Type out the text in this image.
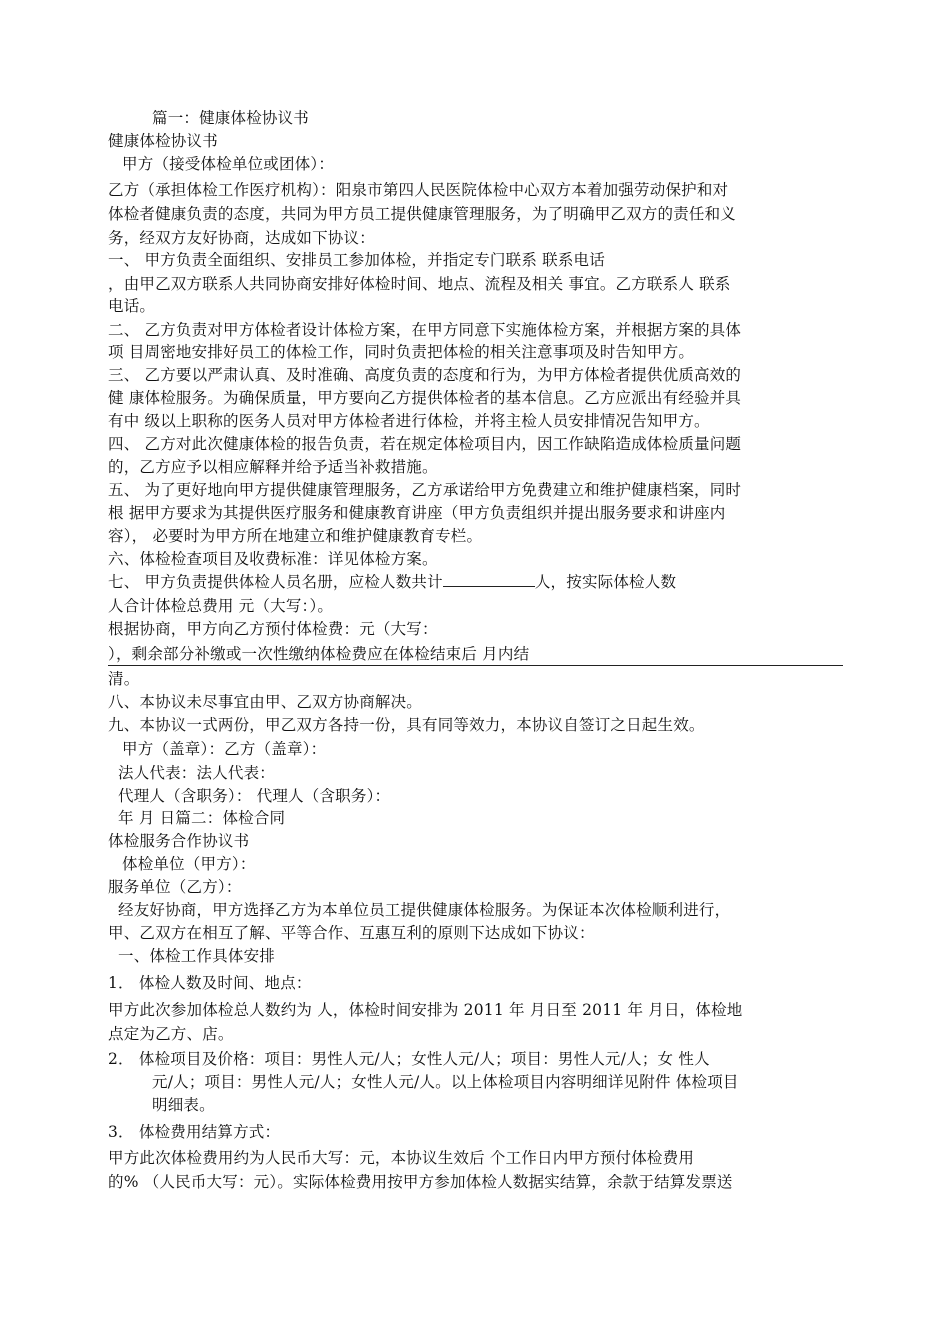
篇一：健康体检协议书
健康体检协议书
甲方（接受体检单位或团体）：
乙方（承担体检工作医疗机构）：阳泉市第四人民医院体检中心双方本着加强劳动保护和对
体检者健康负责的态度，共同为甲方员工提供健康管理服务，为了明确甲乙双方的责任和义
务，经双方友好协商，达成如下协议：
一、 甲方负责全面组织、安排员工参加体检，并指定专门联系 联系电话
，由甲乙双方联系人共同协商安排好体检时间、地点、流程及相关 事宜。乙方联系人 联系
电话。
二、 乙方负责对甲方体检者设计体检方案，在甲方同意下实施体检方案，并根据方案的具体
项 目周密地安排好员工的体检工作，同时负责把体检的相关注意事项及时告知甲方。
三、 乙方要以严肃认真、及时准确、高度负责的态度和行为，为甲方体检者提供优质高效的
健 康体检服务。为确保质量，甲方要向乙方提供体检者的基本信息。乙方应派出有经验并具
有中 级以上职称的医务人员对甲方体检者进行体检，并将主检人员安排情况告知甲方。
四、 乙方对此次健康体检的报告负责，若在规定体检项目内，因工作缺陷造成体检质量问题
的，乙方应予以相应解释并给予适当补救措施。
五、 为了更好地向甲方提供健康管理服务，乙方承诺给甲方免费建立和维护健康档案，同时
根 据甲方要求为其提供医疗服务和健康教育讲座（甲方负责组织并提出服务要求和讲座内
容）， 必要时为甲方所在地建立和维护健康教育专栏。
六、体检检查项目及收费标准：详见体检方案。
七、 甲方负责提供体检人员名册，应检人数共计	人，按实际体检人数
人合计体检总费用 元（大写：）。
根据协商，甲方向乙方预付体检费：元（大写：
），剩余部分补缴或一次性缴纳体检费应在体检结束后 月内结
清。
八、本协议未尽事宜由甲、乙双方协商解决。
九、本协议一式两份，甲乙双方各持一份，具有同等效力，本协议自签订之日起生效。
甲方（盖章）：乙方（盖章）：
法人代表：法人代表：
代理人（含职务）： 代理人（含职务）：
年 月 日篇二：体检合同
体检服务合作协议书
体检单位（甲方）：
服务单位（乙方）：
经友好协商，甲方选择乙方为本单位员工提供健康体检服务。为保证本次体检顺利进行，
甲、乙双方在相互了解、平等合作、互惠互利的原则下达成如下协议：
一、体检工作具体安排
1． 体检人数及时间、地点：
甲方此次参加体检总人数约为 人，体检时间安排为 2011 年 月日至 2011 年 月日，体检地
点定为乙方、店。
2． 体检项目及价格：项目：男性人元/人；女性人元/人；项目：男性人元/人；女 性人
元/人；项目：男性人元/人；女性人元/人。以上体检项目内容明细详见附件 体检项目
明细表。
3． 体检费用结算方式：
甲方此次体检费用约为人民币大写：元，本协议生效后 个工作日内甲方预付体检费用
的% （人民币大写：元）。实际体检费用按甲方参加体检人数据实结算，余款于结算发票送
